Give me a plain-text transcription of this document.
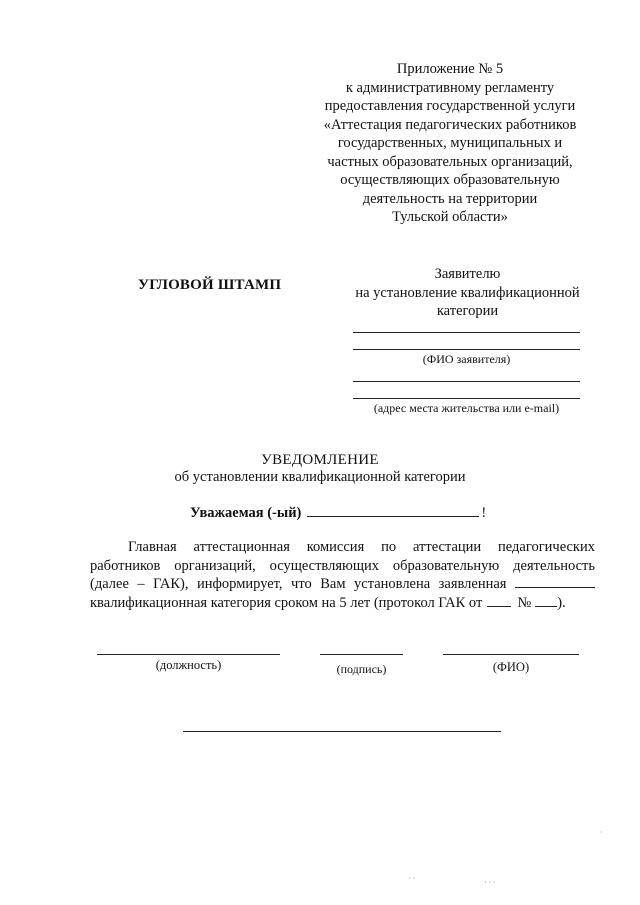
Приложение № 5
к административному регламенту
предоставления государственной услуги
«Аттестация педагогических работников
государственных, муниципальных и
частных образовательных организаций,
осуществляющих образовательную
деятельность на территории
Тульской области»
УГЛОВОЙ ШТАМП
Заявителю
на установление квалификационной
категории
(ФИО заявителя)
(адрес места жительства или e-mail)
УВЕДОМЛЕНИЕ
об установлении квалификационной категории
Уважаемая (-ый)	!
Главная аттестационная комиссия по аттестации педагогических
работников организаций, осуществляющих образовательную деятельность
(далее – ГАК), информирует, что Вам установлена заявленная
квалификационная категория сроком на 5 лет (протокол ГАК от № ).
(должность)	(подпись)	(ФИО)
·
· ·	· · ·
